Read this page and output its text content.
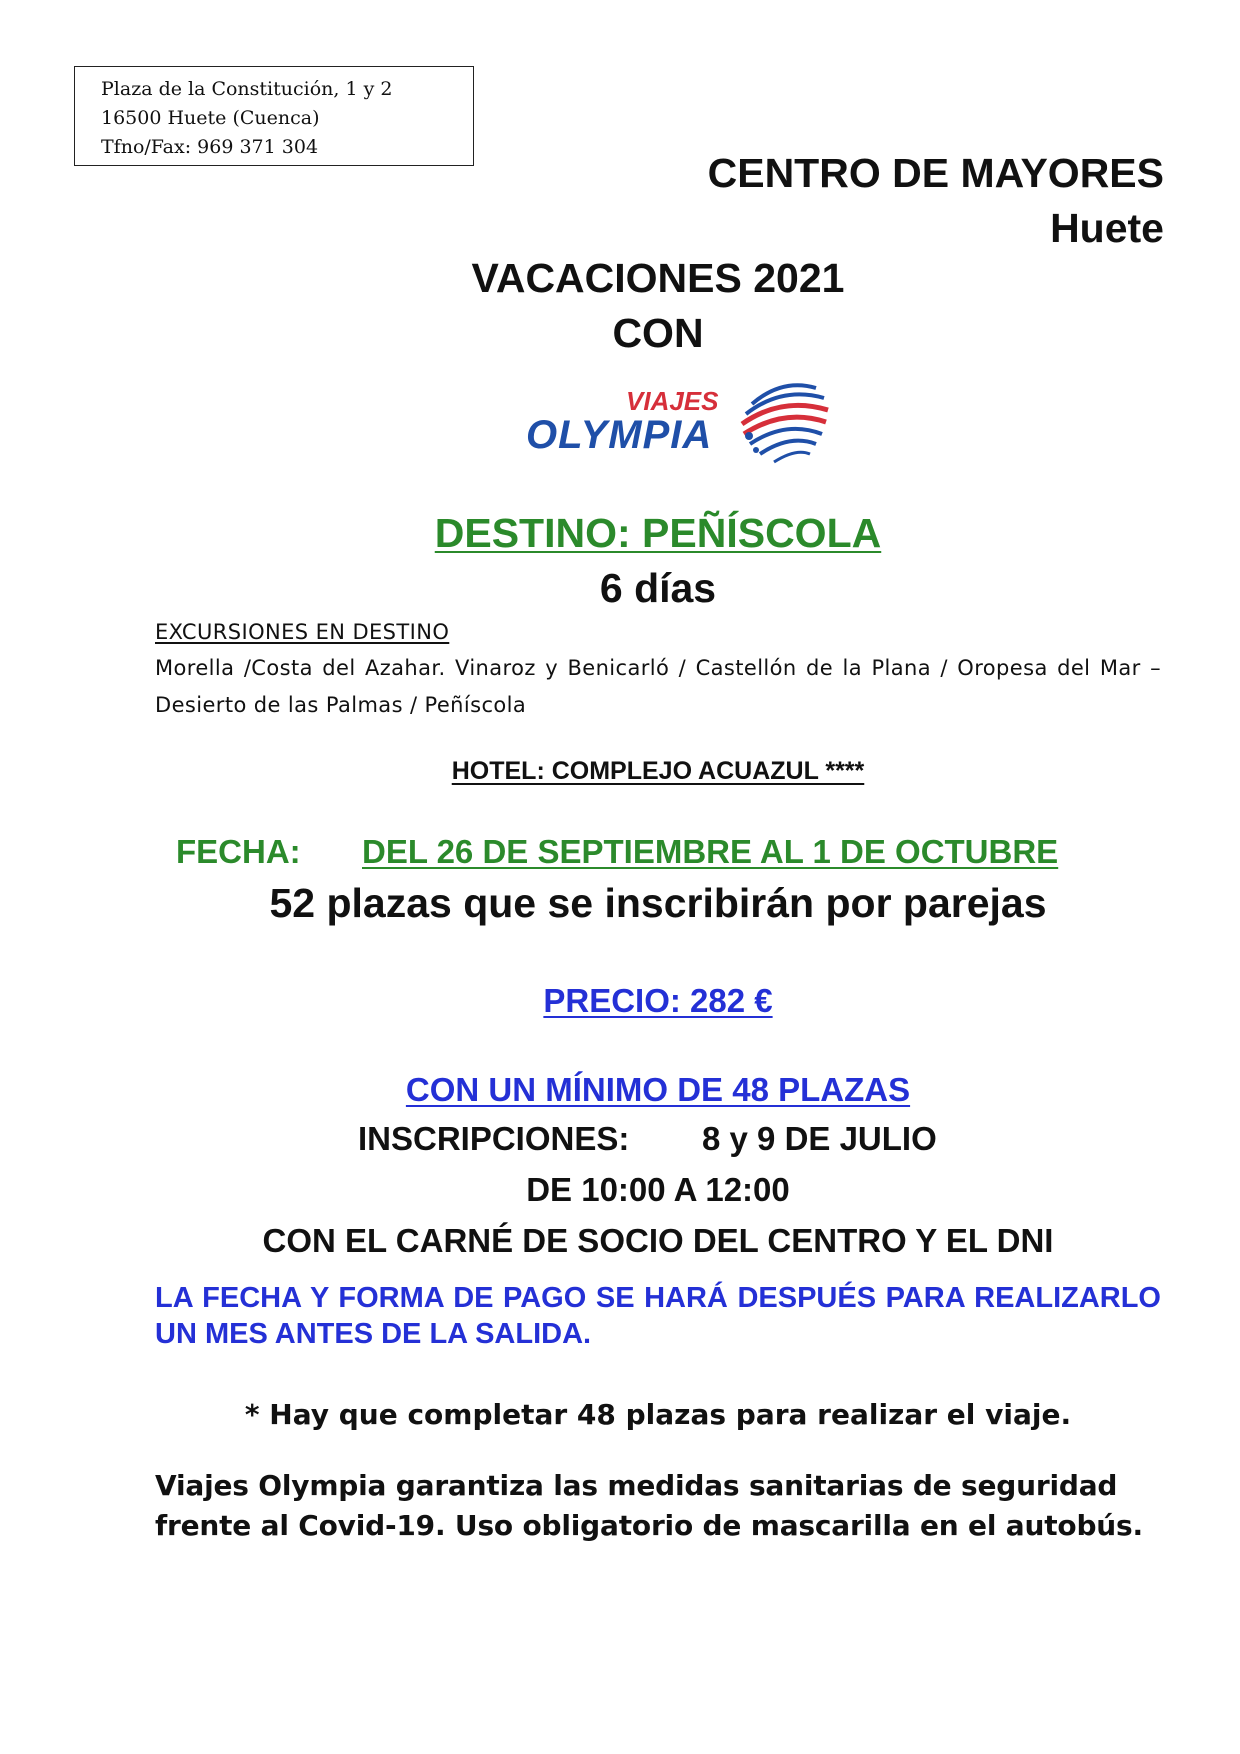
Plaza de la Constitución, 1 y 2
16500 Huete (Cuenca)
Tfno/Fax: 969 371 304
CENTRO DE MAYORES
Huete
VACACIONES 2021
CON
VIAJES
OLYMPIA
DESTINO: PEÑÍSCOLA
6 días
EXCURSIONES EN DESTINO
Morella /Costa del Azahar. Vinaroz y Benicarló / Castellón de la Plana / Oropesa del Mar – Desierto de las Palmas / Peñíscola
HOTEL: COMPLEJO ACUAZUL ****
FECHA: DEL 26 DE SEPTIEMBRE AL 1 DE OCTUBRE
52 plazas que se inscribirán por parejas
PRECIO: 282 €
CON UN MÍNIMO DE 48 PLAZAS
INSCRIPCIONES: 8 y 9 DE JULIO
DE 10:00 A 12:00
CON EL CARNÉ DE SOCIO DEL CENTRO Y EL DNI
LA FECHA Y FORMA DE PAGO SE HARÁ DESPUÉS PARA REALIZARLO UN MES ANTES DE LA SALIDA.
* Hay que completar 48 plazas para realizar el viaje.
Viajes Olympia garantiza las medidas sanitarias de seguridad frente al Covid-19. Uso obligatorio de mascarilla en el autobús.
